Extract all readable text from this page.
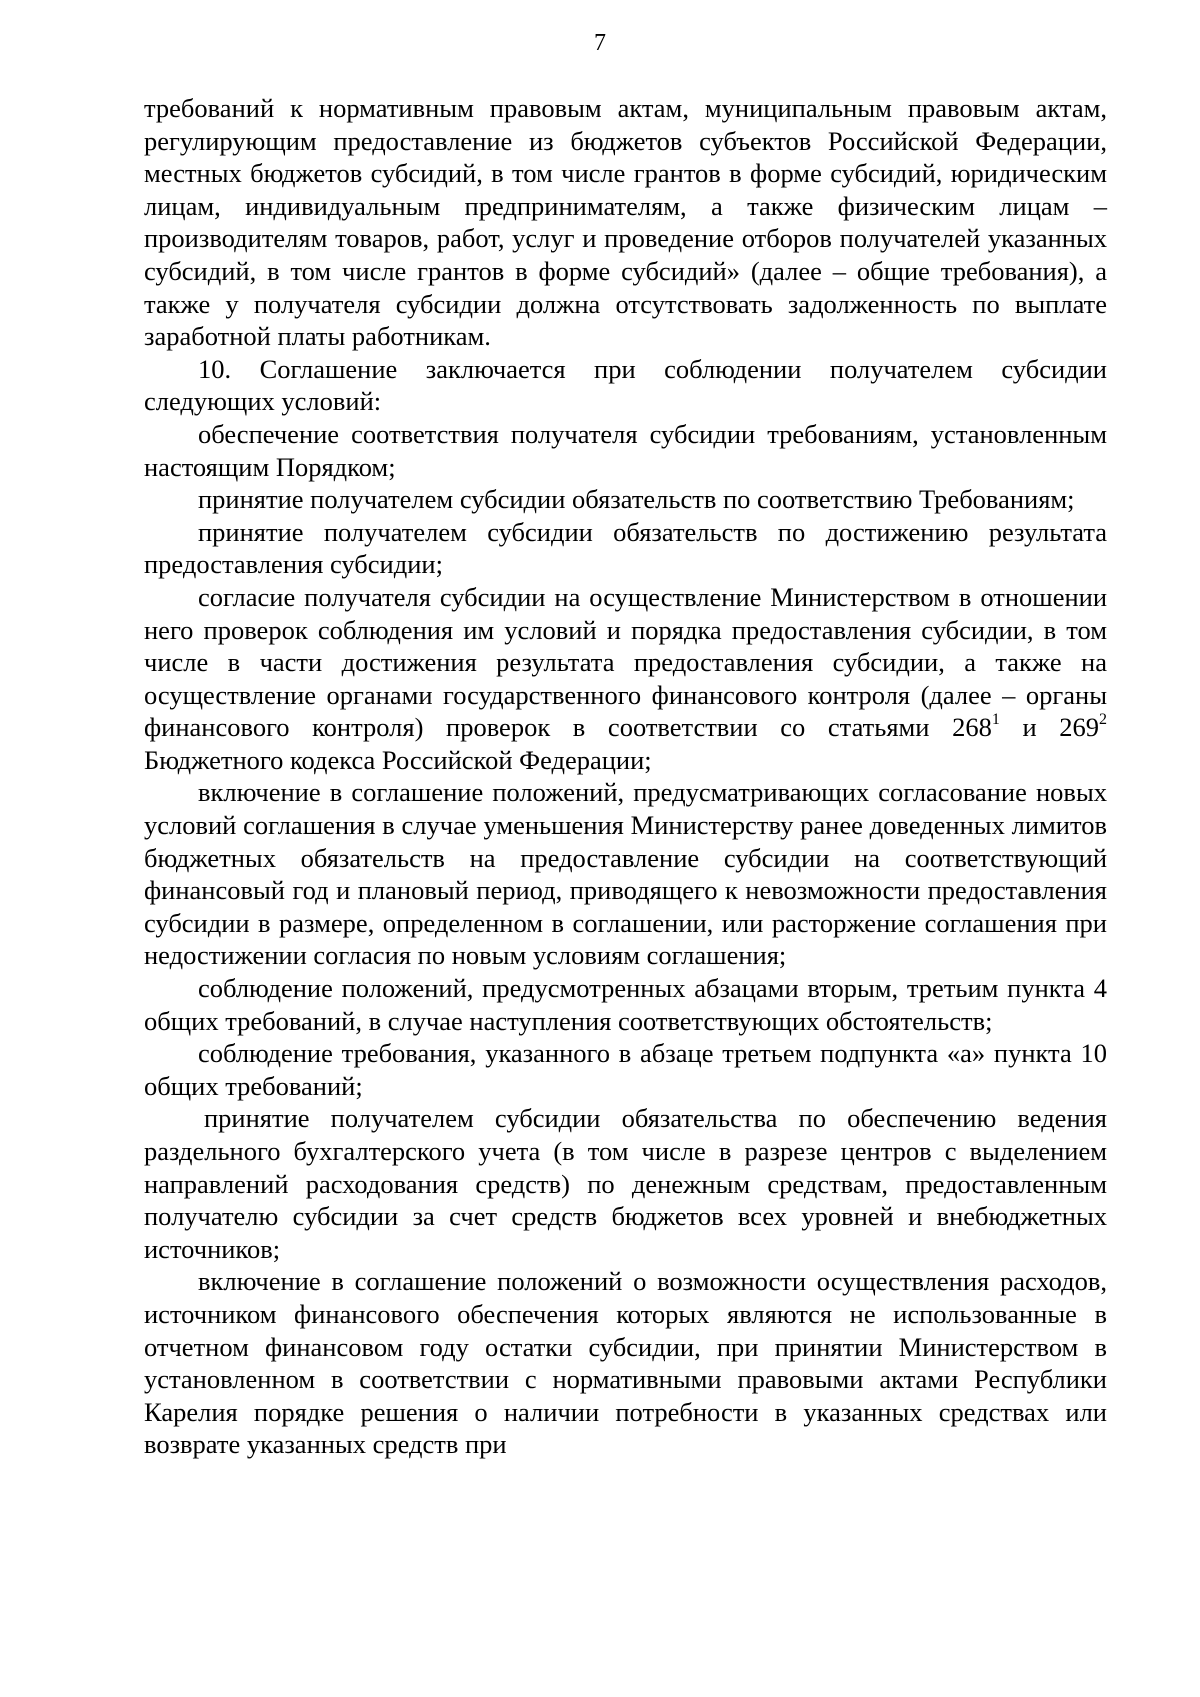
7

требований к нормативным правовым актам, муниципальным правовым актам, регулирующим предоставление из бюджетов субъектов Российской Федерации, местных бюджетов субсидий, в том числе грантов в форме субсидий, юридическим лицам, индивидуальным предпринимателям, а также физическим лицам – производителям товаров, работ, услуг и проведение отборов получателей указанных субсидий, в том числе грантов в форме субсидий» (далее – общие требования), а также у получателя субсидии должна отсутствовать задолженность по выплате заработной платы работникам.

10. Соглашение заключается при соблюдении получателем субсидии следующих условий:

обеспечение соответствия получателя субсидии требованиям, установленным настоящим Порядком;

принятие получателем субсидии обязательств по соответствию Требованиям;

принятие получателем субсидии обязательств по достижению результата предоставления субсидии;

согласие получателя субсидии на осуществление Министерством в отношении него проверок соблюдения им условий и порядка предоставления субсидии, в том числе в части достижения результата предоставления субсидии, а также на осуществление органами государственного финансового контроля (далее – органы финансового контроля) проверок в соответствии со статьями $268^1$ и $269^2$ Бюджетного кодекса Российской Федерации;

включение в соглашение положений, предусматривающих согласование новых условий соглашения в случае уменьшения Министерству ранее доведенных лимитов бюджетных обязательств на предоставление субсидии на соответствующий финансовый год и плановый период, приводящего к невозможности предоставления субсидии в размере, определенном в соглашении, или расторжение соглашения при недостижении согласия по новым условиям соглашения;

соблюдение положений, предусмотренных абзацами вторым, третьим пункта 4 общих требований, в случае наступления соответствующих обстоятельств;

соблюдение требования, указанного в абзаце третьем подпункта «а» пункта 10 общих требований;

принятие получателем субсидии обязательства по обеспечению ведения раздельного бухгалтерского учета (в том числе в разрезе центров с выделением направлений расходования средств) по денежным средствам, предоставленным получателю субсидии за счет средств бюджетов всех уровней и внебюджетных источников;

включение в соглашение положений о возможности осуществления расходов, источником финансового обеспечения которых являются не использованные в отчетном финансовом году остатки субсидии, при принятии Министерством в установленном в соответствии с нормативными правовыми актами Республики Карелия порядке решения о наличии потребности в указанных средствах или возврате указанных средств при
